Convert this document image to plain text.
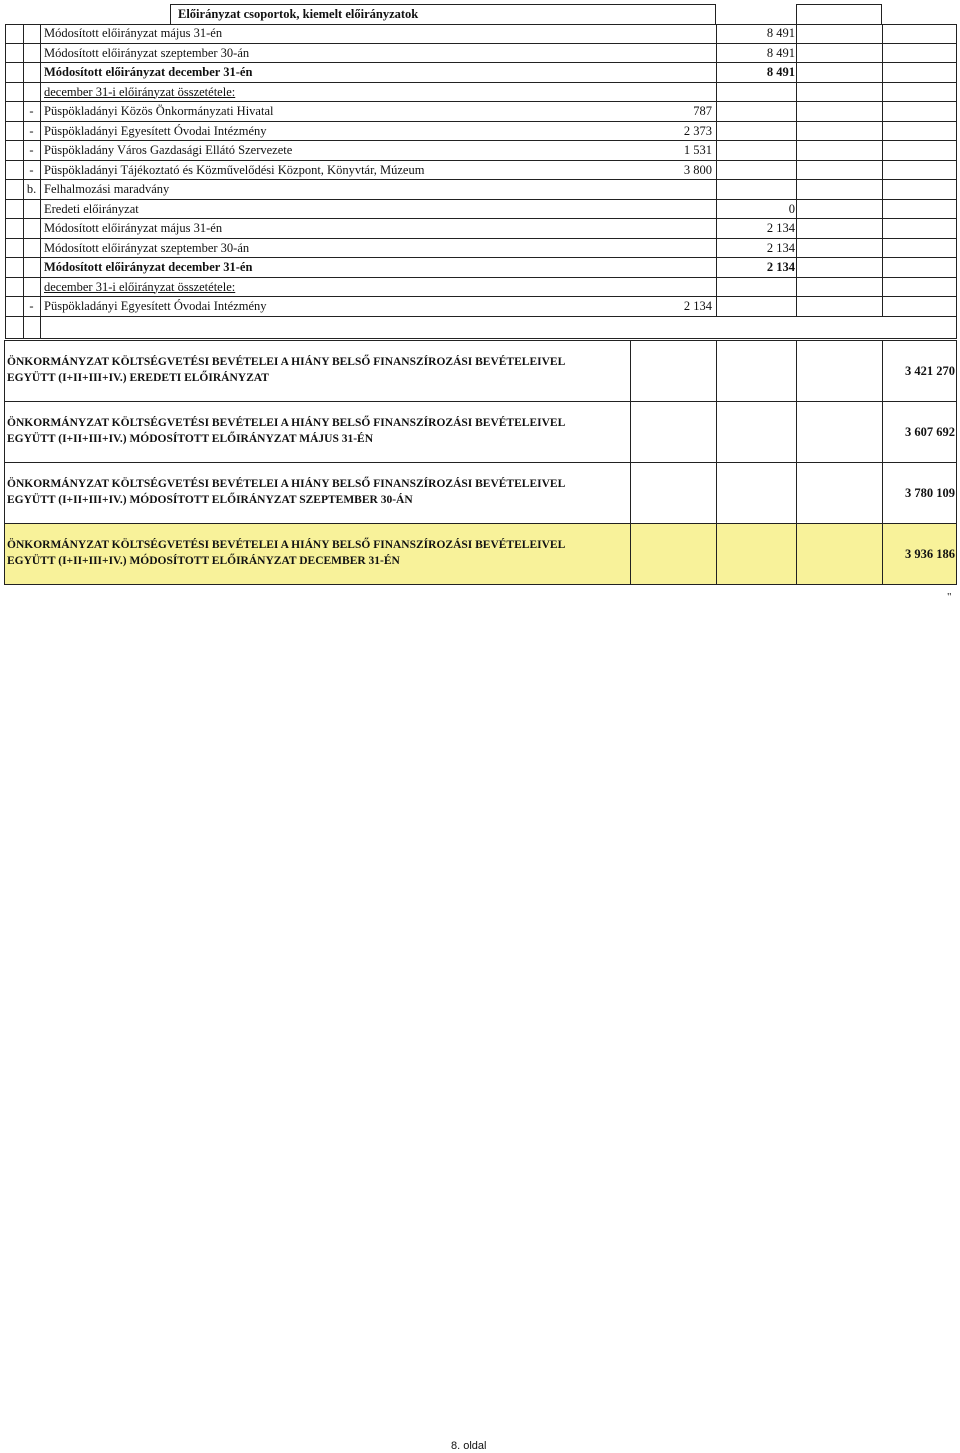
Előirányzat csoportok, kiemelt előirányzatok
Módosított előirányzat május 31-én	8 491
Módosított előirányzat szeptember 30-án	8 491
Módosított előirányzat december 31-én	8 491
december 31-i előirányzat összetétele:
- Püspökladányi Közös Önkormányzati Hivatal	787
- Püspökladányi Egyesített Óvodai Intézmény	2 373
- Püspökladány Város Gazdasági Ellátó Szervezete	1 531
- Püspökladányi Tájékoztató és Közművelődési Központ, Könyvtár, Múzeum	3 800
b. Felhalmozási maradvány
Eredeti előirányzat	0
Módosított előirányzat május 31-én	2 134
Módosított előirányzat szeptember 30-án	2 134
Módosított előirányzat december 31-én	2 134
december 31-i előirányzat összetétele:
- Püspökladányi Egyesített Óvodai Intézmény	2 134
ÖNKORMÁNYZAT KÖLTSÉGVETÉSI BEVÉTELEI A HIÁNY BELSŐ FINANSZÍROZÁSI BEVÉTELEIVEL
EGYÜTT (I+II+III+IV.) EREDETI ELŐIRÁNYZAT	3 421 270
ÖNKORMÁNYZAT KÖLTSÉGVETÉSI BEVÉTELEI A HIÁNY BELSŐ FINANSZÍROZÁSI BEVÉTELEIVEL
EGYÜTT (I+II+III+IV.) MÓDOSÍTOTT ELŐIRÁNYZAT MÁJUS 31-ÉN	3 607 692
ÖNKORMÁNYZAT KÖLTSÉGVETÉSI BEVÉTELEI A HIÁNY BELSŐ FINANSZÍROZÁSI BEVÉTELEIVEL
EGYÜTT (I+II+III+IV.) MÓDOSÍTOTT ELŐIRÁNYZAT SZEPTEMBER 30-ÁN	3 780 109
ÖNKORMÁNYZAT KÖLTSÉGVETÉSI BEVÉTELEI A HIÁNY BELSŐ FINANSZÍROZÁSI BEVÉTELEIVEL
EGYÜTT (I+II+III+IV.) MÓDOSÍTOTT ELŐIRÁNYZAT DECEMBER 31-ÉN	3 936 186
"
8. oldal
